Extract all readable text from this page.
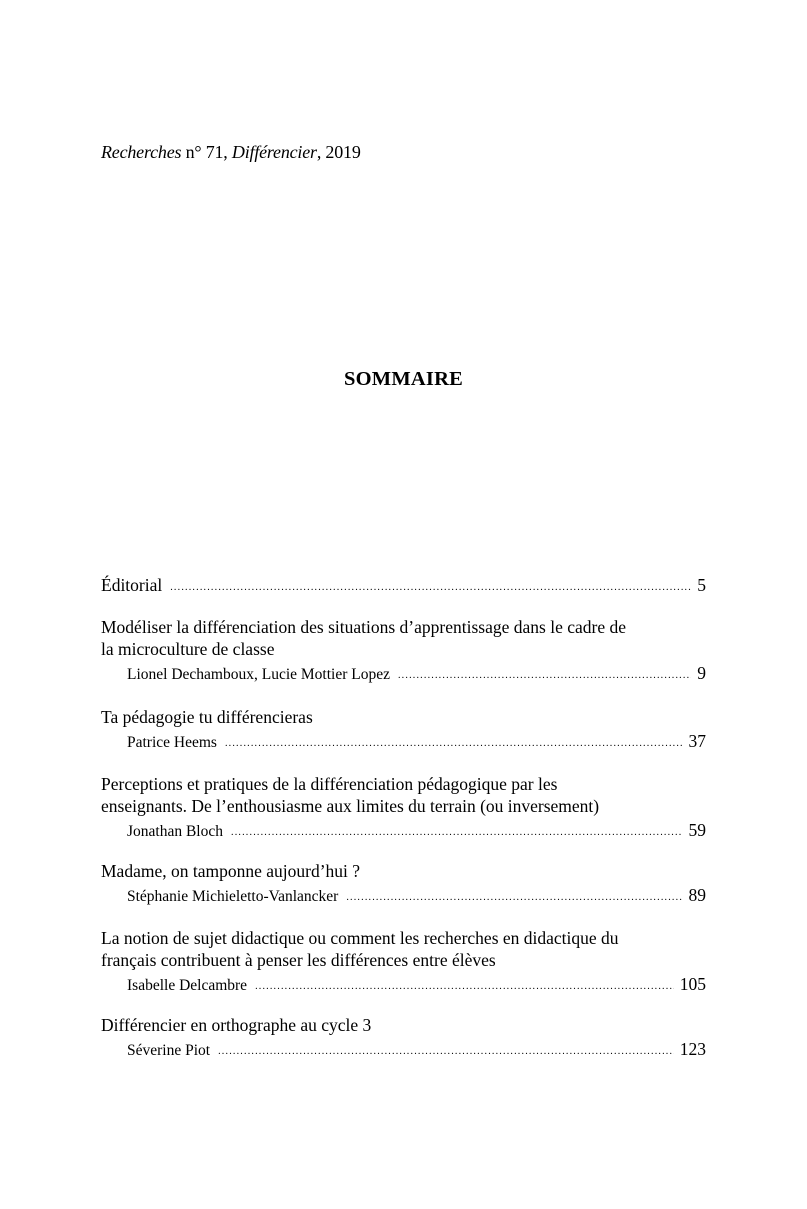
Recherches n° 71, Différencier, 2019
SOMMAIRE
Éditorial .....	5
Modéliser la différenciation des situations d’apprentissage dans le cadre de
la microculture de classe
Lionel Dechamboux, Lucie Mottier Lopez .....	9
Ta pédagogie tu différencieras
Patrice Heems .....	37
Perceptions et pratiques de la différenciation pédagogique par les
enseignants. De l’enthousiasme aux limites du terrain (ou inversement)
Jonathan Bloch .....	59
Madame, on tamponne aujourd’hui ?
Stéphanie Michieletto-Vanlancker .....	89
La notion de sujet didactique ou comment les recherches en didactique du
français contribuent à penser les différences entre élèves
Isabelle Delcambre .....	105
Différencier en orthographe au cycle 3
Séverine Piot .....	123
